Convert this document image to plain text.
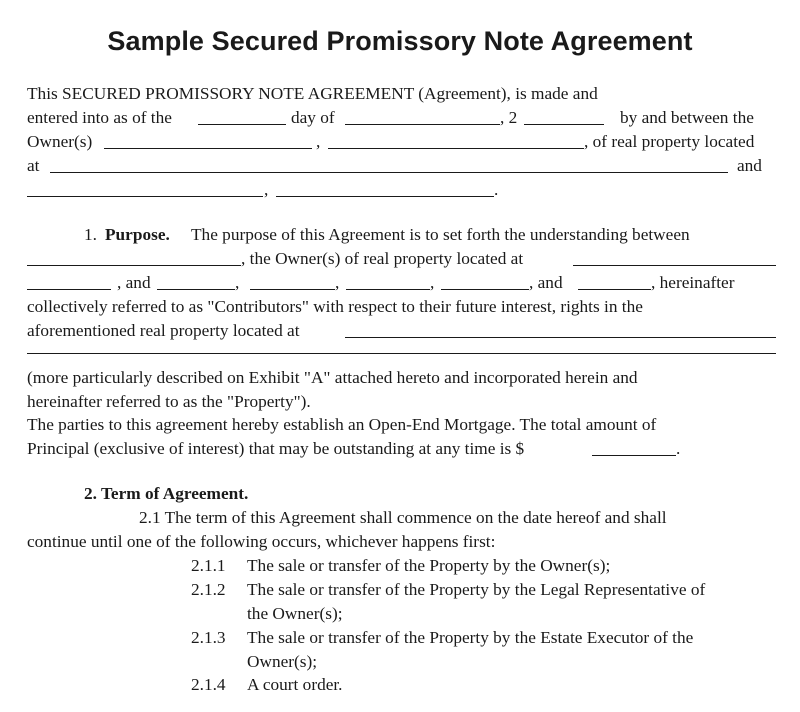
Sample Secured Promissory Note Agreement
This SECURED PROMISSORY NOTE AGREEMENT (Agreement), is made and
entered into as of the	day of	, 2	by and between the
Owner(s)	,	, of real property located
at	and
,	.
1. Purpose. The purpose of this Agreement is to set forth the understanding between
, the Owner(s) of real property located at
, and	,	,	,	, and	, hereinafter
collectively referred to as "Contributors" with respect to their future interest, rights in the
aforementioned real property located at
(more particularly described on Exhibit "A" attached hereto and incorporated herein and
hereinafter referred to as the "Property").
The parties to this agreement hereby establish an Open-End Mortgage. The total amount of
Principal (exclusive of interest) that may be outstanding at any time is $	.
2. Term of Agreement.
2.1 The term of this Agreement shall commence on the date hereof and shall
continue until one of the following occurs, whichever happens first:
2.1.1 The sale or transfer of the Property by the Owner(s);
2.1.2 The sale or transfer of the Property by the Legal Representative of
the Owner(s);
2.1.3 The sale or transfer of the Property by the Estate Executor of the
Owner(s);
2.1.4 A court order.
